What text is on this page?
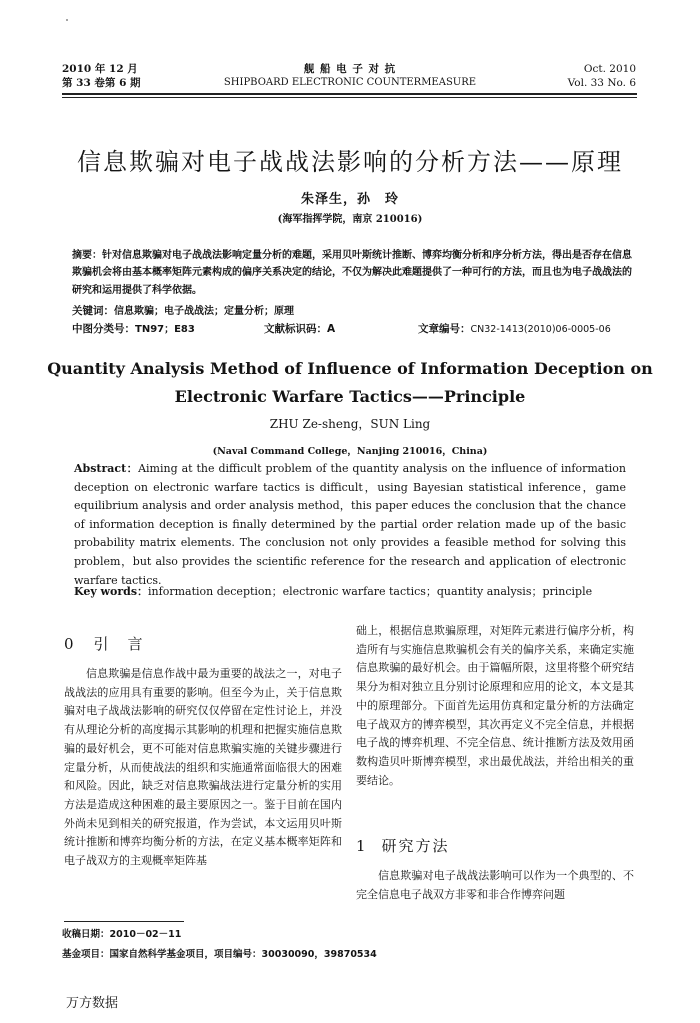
2010 年 12 月
第 33 卷第 6 期
舰 船 电 子 对 抗
SHIPBOARD ELECTRONIC COUNTERMEASURE
Oct. 2010
Vol. 33 No. 6
信息欺骗对电子战战法影响的分析方法——原理
朱泽生，孙　玲
(海军指挥学院，南京 210016)
摘要：针对信息欺骗对电子战战法影响定量分析的难题，采用贝叶斯统计推断、博弈均衡分析和序分析方法，得出是否存在信息欺骗机会将由基本概率矩阵元素构成的偏序关系决定的结论，不仅为解决此难题提供了一种可行的方法，而且也为电子战战法的研究和运用提供了科学依据。
关键词：信息欺骗；电子战战法；定量分析；原理
中图分类号：TN97；E83	文献标识码：A	文章编号：CN32-1413(2010)06-0005-06
Quantity Analysis Method of Influence of Information Deception on
Electronic Warfare Tactics——Principle
ZHU Ze-sheng，SUN Ling
(Naval Command College，Nanjing 210016，China)
Abstract：Aiming at the difficult problem of the quantity analysis on the influence of information deception on electronic warfare tactics is difficult，using Bayesian statistical inference，game equilibrium analysis and order analysis method，this paper educes the conclusion that the chance of information deception is finally determined by the partial order relation made up of the basic probability matrix elements. The conclusion not only provides a feasible method for solving this problem，but also provides the scientific reference for the research and application of electronic warfare tactics.
Key words：information deception；electronic warfare tactics；quantity analysis；principle
0 引　言

信息欺骗是信息作战中最为重要的战法之一，对电子战战法的应用具有重要的影响。但至今为止，关于信息欺骗对电子战战法影响的研究仅仅停留在定性讨论上，并没有从理论分析的高度揭示其影响的机理和把握实施信息欺骗的最好机会，更不可能对信息欺骗实施的关键步骤进行定量分析，从而使战法的组织和实施通常面临很大的困难和风险。因此，缺乏对信息欺骗战法进行定量分析的实用方法是造成这种困难的最主要原因之一。鉴于目前在国内外尚未见到相关的研究报道，作为尝试，本文运用贝叶斯统计推断和博弈均衡分析的方法，在定义基本概率矩阵和电子战双方的主观概率矩阵基

础上，根据信息欺骗原理，对矩阵元素进行偏序分析，构造所有与实施信息欺骗机会有关的偏序关系，来确定实施信息欺骗的最好机会。由于篇幅所限，这里将整个研究结果分为相对独立且分别讨论原理和应用的论文，本文是其中的原理部分。下面首先运用仿真和定量分析的方法确定电子战双方的博弈模型，其次再定义不完全信息，并根据电子战的博弈机理、不完全信息、统计推断方法及效用函数构造贝叶斯博弈模型，求出最优战法，并给出相关的重要结论。

1 研究方法

信息欺骗对电子战战法影响可以作为一个典型的、不完全信息电子战双方非零和非合作博弈问题

收稿日期：2010－02－11
基金项目：国家自然科学基金项目，项目编号：30030090，39870534
万方数据
